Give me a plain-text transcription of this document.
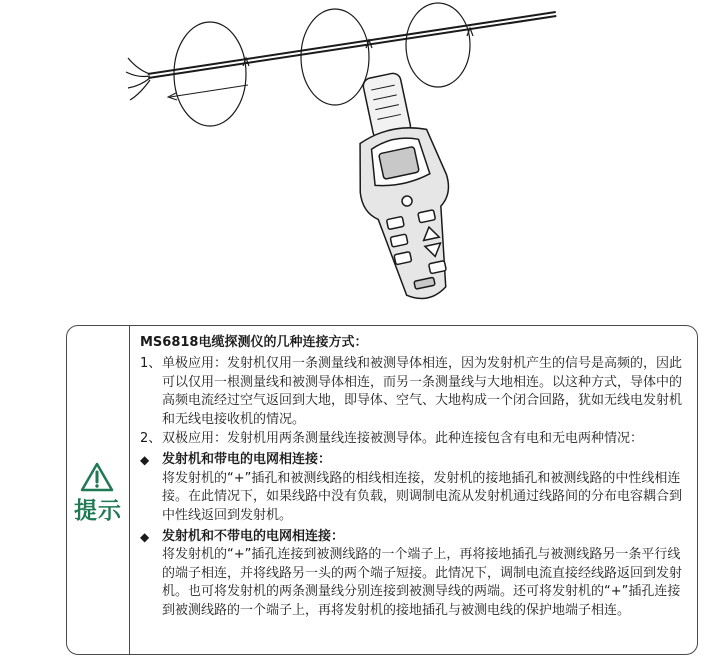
提示
MS6818电缆探测仪的几种连接方式：
1、 单极应用：发射机仅用一条测量线和被测导体相连，因为发射机产生的信号是高频的，因此可以仅用一根测量线和被测导体相连，而另一条测量线与大地相连。以这种方式，导体中的高频电流经过空气返回到大地，即导体、空气、大地构成一个闭合回路，犹如无线电发射机和无线电接收机的情况。
2、 双极应用：发射机用两条测量线连接被测导体。此种连接包含有电和无电两种情况：
◆ 发射机和带电的电网相连接：
将发射机的“+”插孔和被测线路的相线相连接，发射机的接地插孔和被测线路的中性线相连接。在此情况下，如果线路中没有负载，则调制电流从发射机通过线路间的分布电容耦合到中性线返回到发射机。
◆ 发射机和不带电的电网相连接：
将发射机的“+”插孔连接到被测线路的一个端子上，再将接地插孔与被测线路另一条平行线的端子相连，并将线路另一头的两个端子短接。此情况下，调制电流直接经线路返回到发射机。也可将发射机的两条测量线分别连接到被测导线的两端。还可将发射机的“+”插孔连接到被测线路的一个端子上，再将发射机的接地插孔与被测电线的保护地端子相连。
